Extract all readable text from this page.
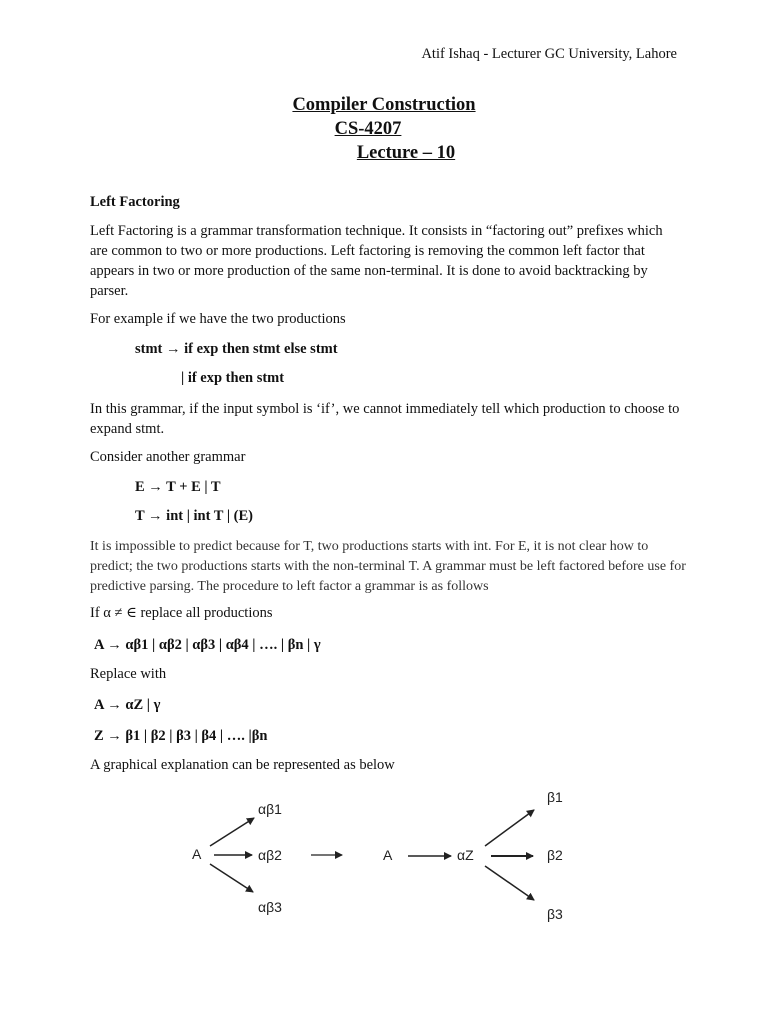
Atif Ishaq - Lecturer GC University, Lahore
Compiler Construction
CS-4207
Lecture – 10
Left Factoring
Left Factoring is a grammar transformation technique. It consists in “factoring out” prefixes which are common to two or more productions. Left factoring is removing the common left factor that appears in two or more production of the same non-terminal. It is done to avoid backtracking by parser.
For example if we have the two productions
stmt → if exp then stmt else stmt
| if exp then stmt
In this grammar, if the input symbol is ‘if’, we cannot immediately tell which production to choose to expand stmt.
Consider another grammar
E → T + E | T
T → int | int T | (E)
It is impossible to predict because for T, two productions starts with int. For E, it is not clear how to predict; the two productions starts with the non-terminal T. A grammar must be left factored before use for predictive parsing. The procedure to left factor a grammar is as follows
If α ≠ ∈ replace all productions
A → αβ1 | αβ2 | αβ3 | αβ4 | …. | βn | γ
Replace with
A → αZ | γ
Z → β1 | β2 | β3 | β4 | …. |βn
A graphical explanation can be represented as below
A
αβ1
αβ2
αβ3
A	αZ
β1
β2
β3
